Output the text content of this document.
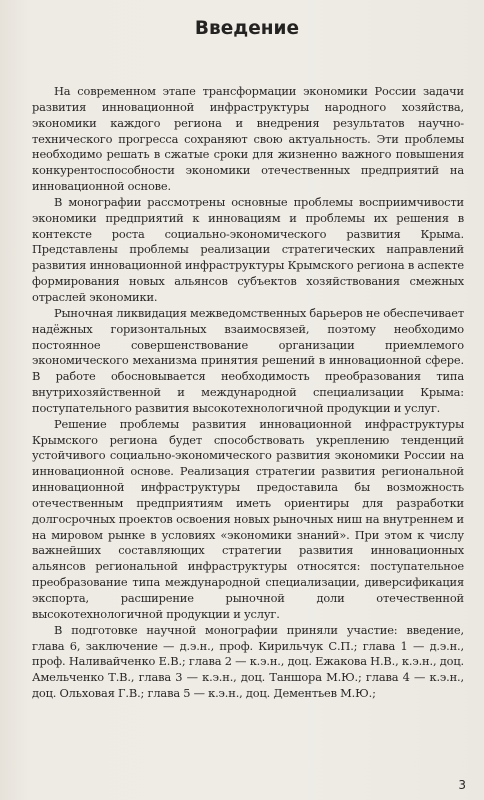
Введение

На современном этапе трансформации экономики России задачи развития инновационной инфраструктуры народного хозяйства, экономики каждого региона и внедрения результатов научно-технического прогресса сохраняют свою актуальность. Эти проблемы необходимо решать в сжатые сроки для жизненно важного повышения конкурентоспособности экономики отечественных предприятий на инновационной основе.

В монографии рассмотрены основные проблемы восприимчивости экономики предприятий к инновациям и проблемы их решения в контексте роста социально-экономического развития Крыма. Представлены проблемы реализации стратегических направлений развития инновационной инфраструктуры Крымского региона в аспекте формирования новых альянсов субъектов хозяйствования смежных отраслей экономики.

Рыночная ликвидация межведомственных барьеров не обеспечивает надёжных горизонтальных взаимосвязей, поэтому необходимо постоянное совершенствование организации приемлемого экономического механизма принятия решений в инновационной сфере. В работе обосновывается необходимость преобразования типа внутрихозяйственной и международной специализации Крыма: поступательного развития высокотехнологичной продукции и услуг.

Решение проблемы развития инновационной инфраструктуры Крымского региона будет способствовать укреплению тенденций устойчивого социально-экономического развития экономики России на инновационной основе. Реализация стратегии развития региональной инновационной инфраструктуры предоставила бы возможность отечественным предприятиям иметь ориентиры для разработки долгосрочных проектов освоения новых рыночных ниш на внутреннем и на мировом рынке в условиях «экономики знаний». При этом к числу важнейших составляющих стратегии развития инновационных альянсов региональной инфраструктуры относятся: поступательное преобразование типа международной специализации, диверсификация экспорта, расширение рыночной доли отечественной высокотехнологичной продукции и услуг.

В подготовке научной монографии приняли участие: введение, глава 6, заключение — д.э.н., проф. Кирильчук С.П.; глава 1 — д.э.н., проф. Наливайченко Е.В.; глава 2 — к.э.н., доц. Ежакова Н.В., к.э.н., доц. Амельченко Т.В., глава 3 — к.э.н., доц. Таншора М.Ю.; глава 4 — к.э.н., доц. Ольховая Г.В.; глава 5 — к.э.н., доц. Дементьев М.Ю.;

3
